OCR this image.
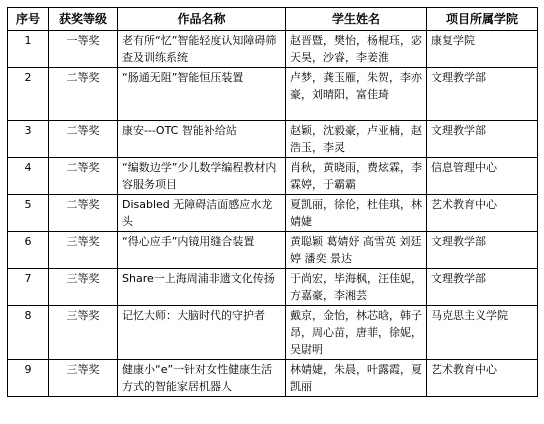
序号	获奖等级	作品名称	学生姓名	项目所属学院
1	一等奖	老有所“忆”智能轻度认知障碍筛查及训练系统	赵晋暨，樊怡，杨棍珏，宓天昊，沙睿，李姜淮	康复学院
2	二等奖	“肠通无阻”智能恒压装置	卢梦，龚玉雁，朱贺，李亦豪，刘晴阳，富佳琦	文理教学部
3	二等奖	康安---OTC 智能补给站	赵颖，沈毅豪，卢亚楠，赵浩玉，李灵	文理教学部
4	二等奖	“编数边学”少儿数学编程教材内容服务项目	肖秋，黄晓雨，费炫霖，李霖婷，于霸霸	信息管理中心
5	二等奖	Disabled 无障碍洁面感应水龙头	夏凯丽，徐伦，杜佳琪，林婧婕	艺术教育中心
6	三等奖	“得心应手”内镜用缝合装置	黄聪颖 葛婧妤 高雪英 刘廷婷 潘奕 景达	文理教学部
7	三等奖	Share一上海周浦非遗文化传扬	于尚宏，毕海枫，汪佳妮，方嘉豪，李湘芸	文理教学部
8	三等奖	记忆大师：大脑时代的守护者	戴京，金怡，林芯晗，韩子昂，周心苗，唐菲，徐妮，吴尉明	马克思主义学院
9	三等奖	健康小“e”一针对女性健康生活方式的智能家居机器人	林婧婕，朱晨，叶露霞，夏凯丽	艺术教育中心
